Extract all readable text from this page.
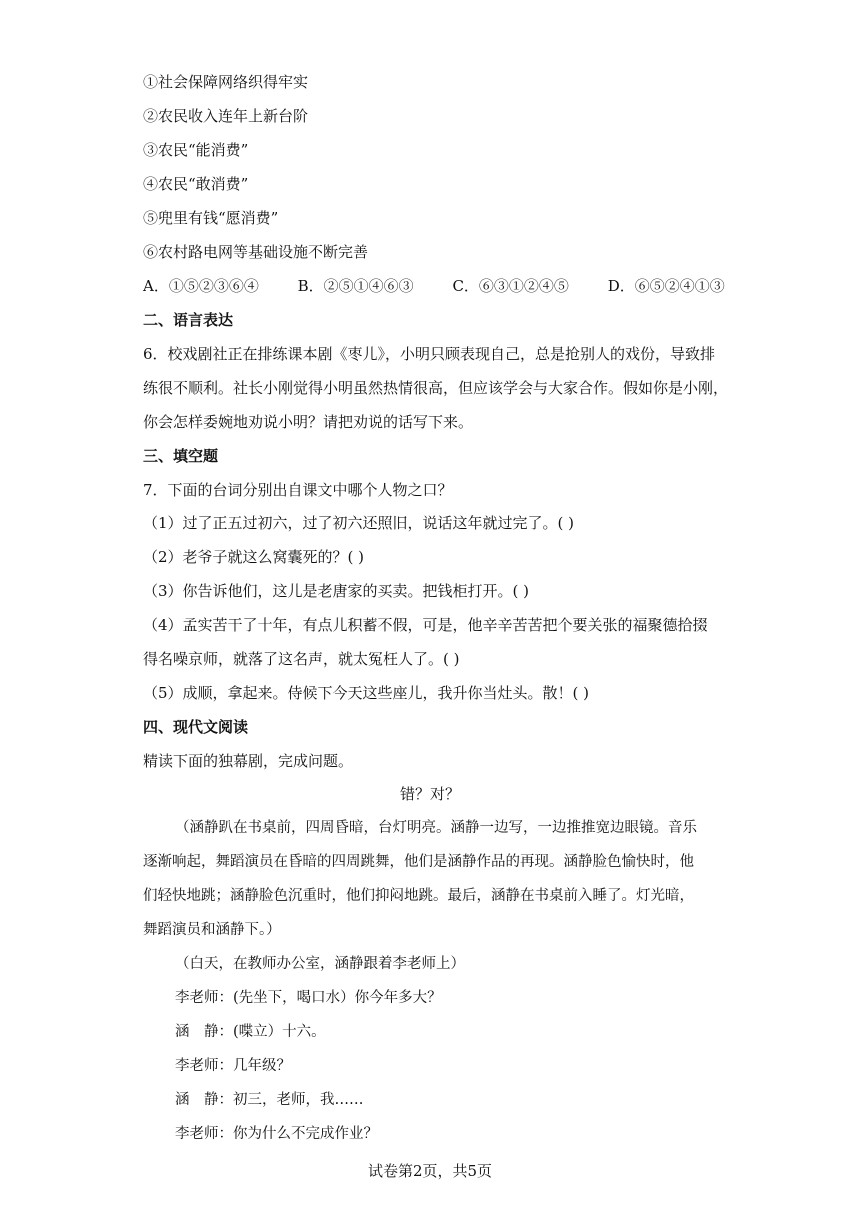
①社会保障网络织得牢实
②农民收入连年上新台阶
③农民“能消费”
④农民“敢消费”
⑤兜里有钱“愿消费”
⑥农村路电网等基础设施不断完善
A．①⑤②③⑥④	B．②⑤①④⑥③	C．⑥③①②④⑤	D．⑥⑤②④①③
二、语言表达
6．校戏剧社正在排练课本剧《枣儿》，小明只顾表现自己，总是抢别人的戏份，导致排
练很不顺利。社长小刚觉得小明虽然热情很高，但应该学会与大家合作。假如你是小刚，
你会怎样委婉地劝说小明？请把劝说的话写下来。
三、填空题
7．下面的台词分别出自课文中哪个人物之口？
（1）过了正五过初六，过了初六还照旧，说话这年就过完了。( )
（2）老爷子就这么窝囊死的？( )
（3）你告诉他们，这儿是老唐家的买卖。把钱柜打开。( )
（4）孟实苦干了十年，有点儿积蓄不假，可是，他辛辛苦苦把个要关张的福聚德拾掇
得名噪京师，就落了这名声，就太冤枉人了。( )
（5）成顺，拿起来。侍候下今天这些座儿，我升你当灶头。散！( )
四、现代文阅读
精读下面的独幕剧，完成问题。
错？对？
（涵静趴在书桌前，四周昏暗，台灯明亮。涵静一边写，一边推推宽边眼镜。音乐
逐渐响起，舞蹈演员在昏暗的四周跳舞，他们是涵静作品的再现。涵静脸色愉快时，他
们轻快地跳；涵静脸色沉重时，他们抑闷地跳。最后，涵静在书桌前入睡了。灯光暗，
舞蹈演员和涵静下。）
（白天，在教师办公室，涵静跟着李老师上）
李老师：(先坐下，喝口水）你今年多大？
涵　静：(喋立）十六。
李老师：几年级？
涵　静：初三，老师，我……
李老师：你为什么不完成作业？
试卷第2页，共5页
